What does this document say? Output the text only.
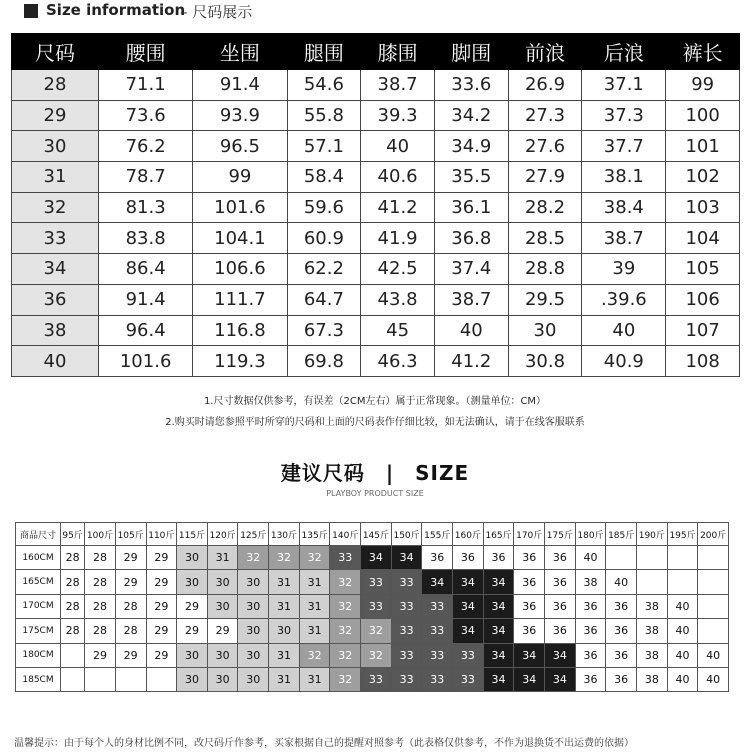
Size information
– 尺码展示
尺码	腰围	坐围	腿围	膝围	脚围	前浪	后浪	裤长
28	71.1	91.4	54.6	38.7	33.6	26.9	37.1	99
29	73.6	93.9	55.8	39.3	34.2	27.3	37.3	100
30	76.2	96.5	57.1	40	34.9	27.6	37.7	101
31	78.7	99	58.4	40.6	35.5	27.9	38.1	102
32	81.3	101.6	59.6	41.2	36.1	28.2	38.4	103
33	83.8	104.1	60.9	41.9	36.8	28.5	38.7	104
34	86.4	106.6	62.2	42.5	37.4	28.8	39	105
36	91.4	111.7	64.7	43.8	38.7	29.5	.39.6	106
38	96.4	116.8	67.3	45	40	30	40	107
40	101.6	119.3	69.8	46.3	41.2	30.8	40.9	108
1.尺寸数据仅供参考，有误差（2CM左右）属于正常现象。（测量单位：CM）
2.购买时请您参照平时所穿的尺码和上面的尺码表作仔细比较，如无法确认，请于在线客服联系
建议尺码　|　SIZE
PLAYBOY PRODUCT SIZE
商品尺寸	95斤	100斤	105斤	110斤	115斤	120斤	125斤	130斤	135斤	140斤	145斤	150斤	155斤	160斤	165斤	170斤	175斤	180斤	185斤	190斤	195斤	200斤
160CM	28	28	29	29	30	31	32	32	32	33	34	34	36	36	36	36	36	40				
165CM	28	28	29	29	30	30	30	31	31	32	33	33	34	34	34	36	36	38	40			
170CM	28	28	28	29	29	30	30	31	31	32	33	33	33	34	34	36	36	36	36	38	40	
175CM	28	28	28	29	29	29	30	30	31	32	32	33	33	34	34	36	36	36	36	38	40	
180CM		29	29	29	30	30	30	31	32	32	32	33	33	33	34	34	34	36	36	38	40	40
185CM					30	30	30	31	31	32	33	33	33	33	34	34	34	36	36	38	40	40
温馨提示：由于每个人的身材比例不同，改尺码斤作参考，买家根据自己的提醒对照参考（此表格仅供参考，不作为退换货不出运费的依据）
